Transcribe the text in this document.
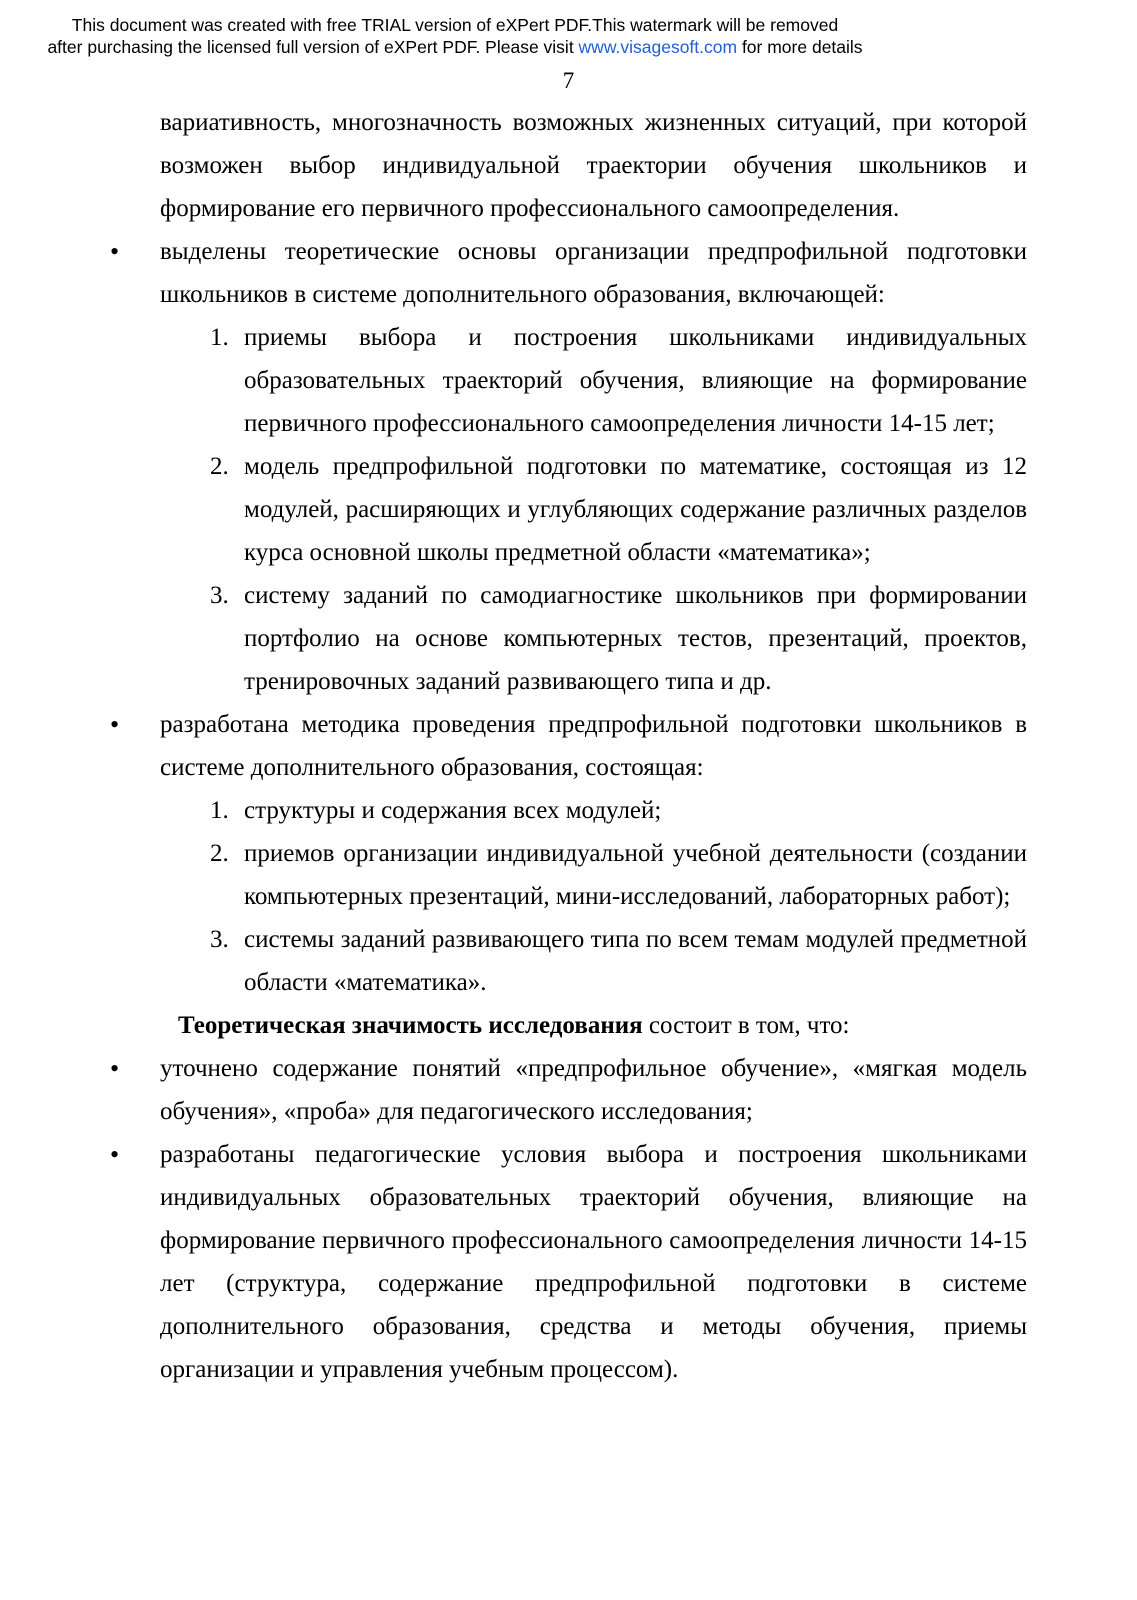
This document was created with free TRIAL version of eXPert PDF.This watermark will be removed
after purchasing the licensed full version of eXPert PDF. Please visit www.visagesoft.com for more details
7

вариативность, многозначность возможных жизненных ситуаций, при которой возможен выбор индивидуальной траектории обучения школьников и формирование его первичного профессионального самоопределения.

• выделены теоретические основы организации предпрофильной подготовки школьников в системе дополнительного образования, включающей:

1. приемы выбора и построения школьниками индивидуальных образовательных траекторий обучения, влияющие на формирование первичного профессионального самоопределения личности 14-15 лет;

2. модель предпрофильной подготовки по математике, состоящая из 12 модулей, расширяющих и углубляющих содержание различных разделов курса основной школы предметной области «математика»;

3. систему заданий по самодиагностике школьников при формировании портфолио на основе компьютерных тестов, презентаций, проектов, тренировочных заданий развивающего типа и др.

• разработана методика проведения предпрофильной подготовки школьников в системе дополнительного образования, состоящая:

1. структуры и содержания всех модулей;

2. приемов организации индивидуальной учебной деятельности (создании компьютерных презентаций, мини-исследований, лабораторных работ);

3. системы заданий развивающего типа по всем темам модулей предметной области «математика».

Теоретическая значимость исследования состоит в том, что:

• уточнено содержание понятий «предпрофильное обучение», «мягкая модель обучения», «проба» для педагогического исследования;

• разработаны педагогические условия выбора и построения школьниками индивидуальных образовательных траекторий обучения, влияющие на формирование первичного профессионального самоопределения личности 14-15 лет (структура, содержание предпрофильной подготовки в системе дополнительного образования, средства и методы обучения, приемы организации и управления учебным процессом).
